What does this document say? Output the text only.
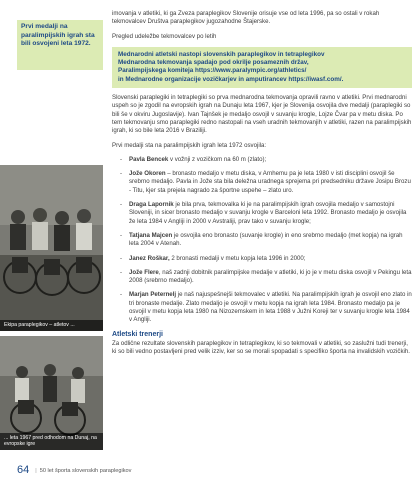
Prvi medalji na paralimpijskih igrah sta bili osvojeni leta 1972.
Ekipa paraplegikov – atletov ...
... leta 1967 pred odhodom na Dunaj, na evropske igre

imovanja v atletiki, ki ga Zveza paraplegikov Slovenije orisuje vse od leta 1996, pa so ostali v rokah tekmovalcev Društva paraplegikov jugozahodne Štajerske.

Pregled udeležbe tekmovalcev po letih

Mednarodni atletski nastopi slovenskih paraplegikov in tetraplegikov
Mednarodna tekmovanja spadajo pod okrilje posameznih držav,
Paralimpijskega komiteja https://www.paralympic.org/athletics/
in Mednarodne organizacije vozičkarjev in amputirancev https://iwasf.com/.

Slovenski paraplegiki in tetraplegiki so prva mednarodna tekmovanja opravili ravno v atletiki. Prvi mednarodni uspeh so je zgodil na evropskih igrah na Dunaju leta 1967, kjer je Slovenija osvojila dve medalji (paraplegiki so bili še v okviru Jugoslavije). Ivan Tajnšek je medaljo osvojil v suvanju krogle, Lojze Čvar pa v metu diska. Po tem tekmovanju smo paraplegiki redno nastopali na vseh uradnih tekmovanjih v atletiki, razen na paralimpijskih igrah, ki so bile leta 2016 v Braziliji.

Prvi medalji sta na paralimpijskih igrah leta 1972 osvojila:

- Pavla Bencek v vožnji z vozičkom na 60 m (zlato);
- Jože Okoren – bronasto medaljo v metu diska, v Arnhemu pa je leta 1980 v isti disciplini osvojil še srebrno medaljo. Pavla in Jože sta bila deležna uradnega sprejema pri predsedniku države Josipu Brozu - Titu, kjer sta prejela nagrado za športne uspehe – zlato uro.
- Draga Lapornik je bila prva, tekmovalka ki je na paralimpijskih igrah osvojila medaljo v samostojni Sloveniji, in sicer bronasto medaljo v suvanju krogle v Barceloni leta 1992. Bronasto medaljo je osvojila že leta 1984 v Angliji in 2000 v Avstraliji, prav tako v suvanju krogle;
- Tatjana Majcen je osvojila eno bronasto (suvanje krogle) in eno srebrno medaljo (met kopja) na igrah leta 2004 v Atenah.
- Janez Roškar, 2 bronasti medalji v metu kopja leta 1996 in 2000;
- Jože Flere, naš zadnji dobitnik paralimpijske medalje v atletiki, ki jo je v metu diska osvojil v Pekingu leta 2008 (srebrno medaljo).
- Marjan Peternelj je naš najuspešnejši tekmovalec v atletiki. Na paralimpijskih igrah je osvojil eno zlato in tri bronaste medalje. Zlato medaljo je osvojil v metu kopja na igrah leta 1984. Bronasto medaljo pa je osvojil v metu kopja leta 1980 na Nizozemskem in leta 1988 v Južni Koreji ter v suvanju krogle leta 1984 v Angliji.
Atletski trenerji

Za odlične rezultate slovenskih paraplegikov in tetraplegikov, ki so tekmovali v atletiki, so zaslužni tudi trenerji, ki so bili vedno postavljeni pred velik izziv, ker so se morali spopadati s specifiko športa na invalidskih vozičkih.

64 | 50 let športa slovenskih paraplegikov
